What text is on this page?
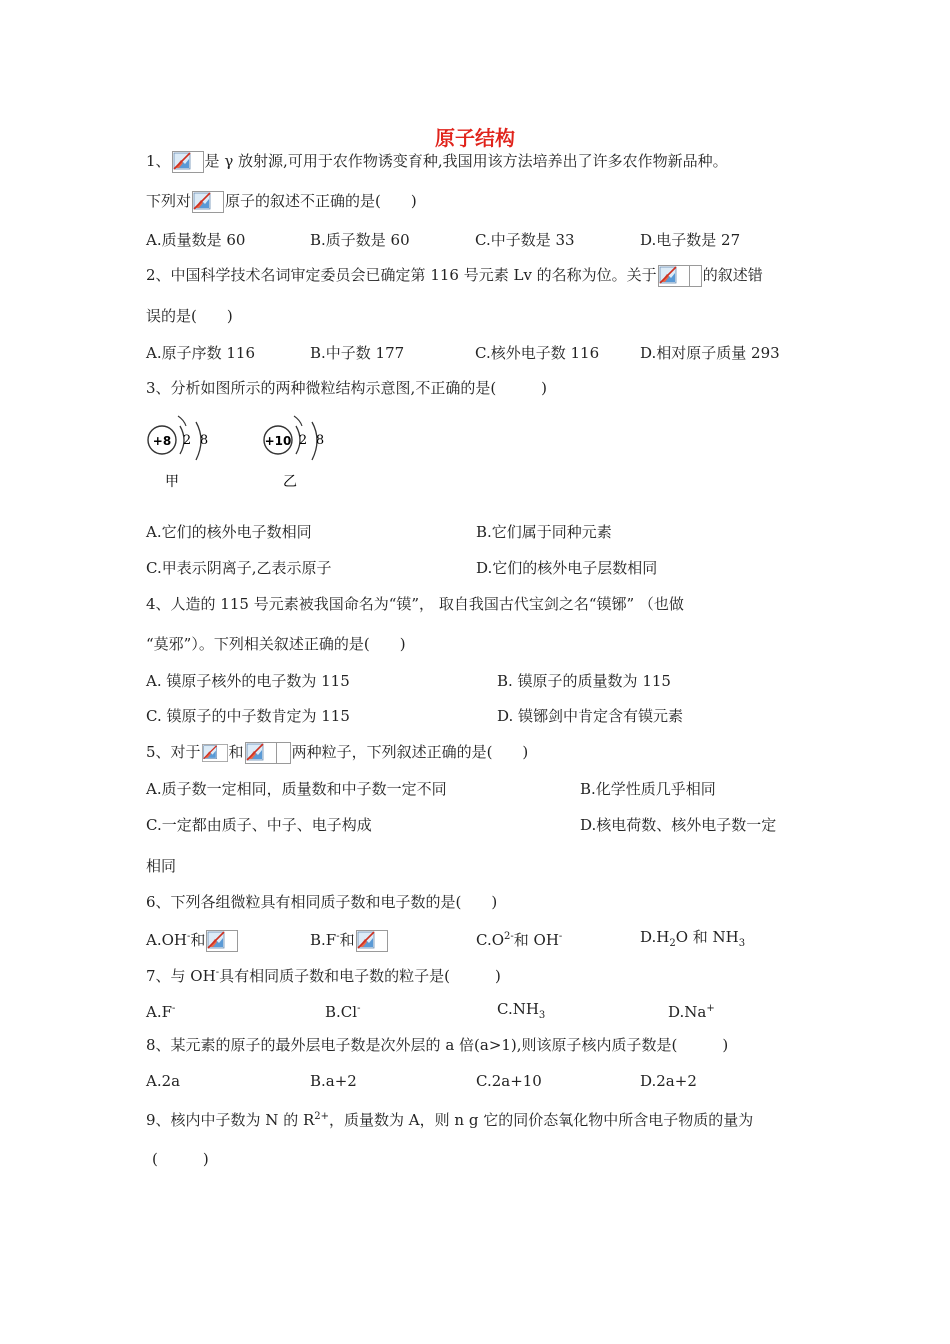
原子结构
1、 是 γ 放射源,可用于农作物诱变育种,我国用该方法培养出了许多农作物新品种。
下列对 原子的叙述不正确的是(　　)
A.质量数是 60	B.质子数是 60	C.中子数是 33	D.电子数是 27
2、中国科学技术名词审定委员会已确定第 116 号元素 Lv 的名称为位。关于	的叙述错
误的是(　　)
A.原子序数 116	B.中子数 177	C.核外电子数 116	D.相对原子质量 293
3、分析如图所示的两种微粒结构示意图,不正确的是(　　　)
+8 2 8
甲
+10 2 8
乙
A.它们的核外电子数相同	B.它们属于同种元素
C.甲表示阴离子,乙表示原子	D.它们的核外电子层数相同
4、人造的 115 号元素被我国命名为“镆”， 取自我国古代宝剑之名“镆铘” （也做
“莫邪”）。下列相关叙述正确的是(　　)
A. 镆原子核外的电子数为 115	B. 镆原子的质量数为 115
C. 镆原子的中子数肯定为 115	D. 镆铘剑中肯定含有镆元素
5、对于 和	两种粒子，下列叙述正确的是(　　)
A.质子数一定相同，质量数和中子数一定不同	B.化学性质几乎相同
C.一定都由质子、中子、电子构成	D.核电荷数、核外电子数一定
相同
6、下列各组微粒具有相同质子数和电子数的是(　　)
A.OH-和	B.F-和	$C.O^{2-}$和 OH-	$D.H_2O$ 和 $NH_3$
7、与 OH-具有相同质子数和电子数的粒子是(　　　)
A.F-	B.Cl-	$C.NH_3$	D.Na+
8、某元素的原子的最外层电子数是次外层的 a 倍(a>1),则该原子核内质子数是(　　　)
A.2a	B.a+2	C.2a+10	D.2a+2
9、核内中子数为 N 的 $R^{2+}$，质量数为 A，则 n g 它的同价态氧化物中所含电子物质的量为
(　　　)
